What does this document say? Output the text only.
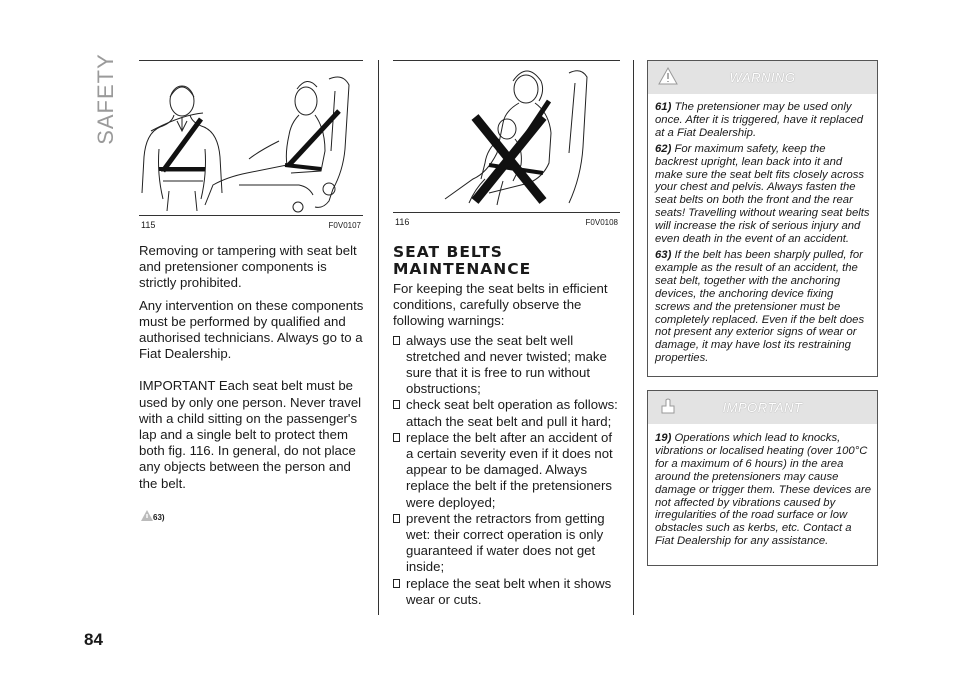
SAFETY
115	F0V0107

Removing or tampering with seat belt and pretensioner components is strictly prohibited.

Any intervention on these components must be performed by qualified and authorised technicians. Always go to a Fiat Dealership.

IMPORTANT Each seat belt must be used by only one person. Never travel with a child sitting on the passenger's lap and a single belt to protect them both fig. 116. In general, do not place any objects between the person and the belt.

63)
116	F0V0108
SEAT BELTS
MAINTENANCE

For keeping the seat belts in efficient conditions, carefully observe the following warnings:

always use the seat belt well stretched and never twisted; make sure that it is free to run without obstructions;
check seat belt operation as follows: attach the seat belt and pull it hard;
replace the belt after an accident of a certain severity even if it does not appear to be damaged. Always replace the belt if the pretensioners were deployed;
prevent the retractors from getting wet: their correct operation is only guaranteed if water does not get inside;
replace the seat belt when it shows wear or cuts.
WARNING

61) The pretensioner may be used only once. After it is triggered, have it replaced at a Fiat Dealership.

62) For maximum safety, keep the backrest upright, lean back into it and make sure the seat belt fits closely across your chest and pelvis. Always fasten the seat belts on both the front and the rear seats! Travelling without wearing seat belts will increase the risk of serious injury and even death in the event of an accident.

63) If the belt has been sharply pulled, for example as the result of an accident, the seat belt, together with the anchoring devices, the anchoring device fixing screws and the pretensioner must be completely replaced. Even if the belt does not present any exterior signs of wear or damage, it may have lost its restraining properties.

IMPORTANT

19) Operations which lead to knocks, vibrations or localised heating (over 100°C for a maximum of 6 hours) in the area around the pretensioners may cause damage or trigger them. These devices are not affected by vibrations caused by irregularities of the road surface or low obstacles such as kerbs, etc. Contact a Fiat Dealership for any assistance.

84
